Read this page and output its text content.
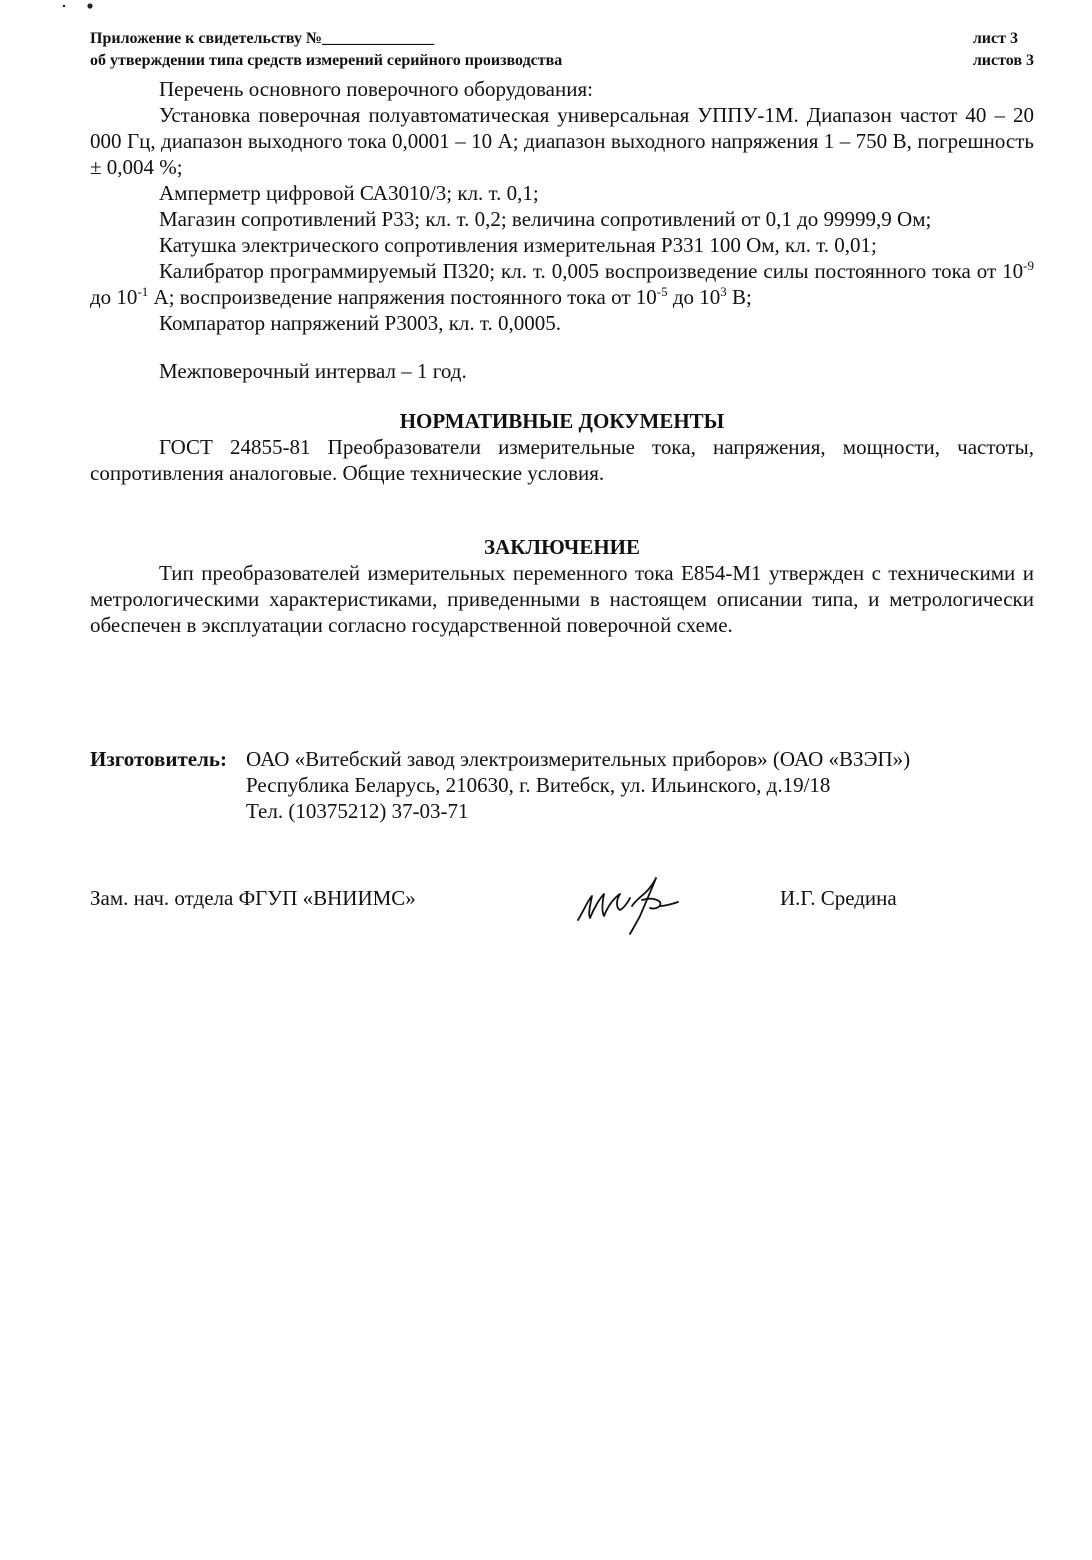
Приложение к свидетельству №______________
об утверждении типа средств измерений серийного производства
лист 3
листов 3
Перечень основного поверочного оборудования:
Установка поверочная полуавтоматическая универсальная УППУ-1М. Диапазон частот 40 – 20 000 Гц, диапазон выходного тока 0,0001 – 10 А; диапазон выходного напряжения 1 – 750 В, погрешность ± 0,004 %;
Амперметр цифровой СА3010/3; кл. т. 0,1;
Магазин сопротивлений Р33; кл. т. 0,2; величина сопротивлений от 0,1 до 99999,9 Ом;
Катушка электрического сопротивления измерительная Р331 100 Ом, кл. т. 0,01;
Калибратор программируемый П320; кл. т. 0,005 воспроизведение силы постоянного тока от $10^{-9}$ до $10^{-1}$ А; воспроизведение напряжения постоянного тока от $10^{-5}$ до $10^3$ В;
Компаратор напряжений Р3003, кл. т. 0,0005.
Межповерочный интервал – 1 год.
НОРМАТИВНЫЕ ДОКУМЕНТЫ
ГОСТ 24855-81 Преобразователи измерительные тока, напряжения, мощности, частоты, сопротивления аналоговые. Общие технические условия.
ЗАКЛЮЧЕНИЕ
Тип преобразователей измерительных переменного тока Е854-М1 утвержден с техническими и метрологическими характеристиками, приведенными в настоящем описании типа, и метрологически обеспечен в эксплуатации согласно государственной поверочной схеме.
Изготовитель: ОАО «Витебский завод электроизмерительных приборов» (ОАО «ВЗЭП»)
Республика Беларусь, 210630, г. Витебск, ул. Ильинского, д.19/18
Тел. (10375212) 37-03-71
Зам. нач. отдела ФГУП «ВНИИМС»	И.Г. Средина
